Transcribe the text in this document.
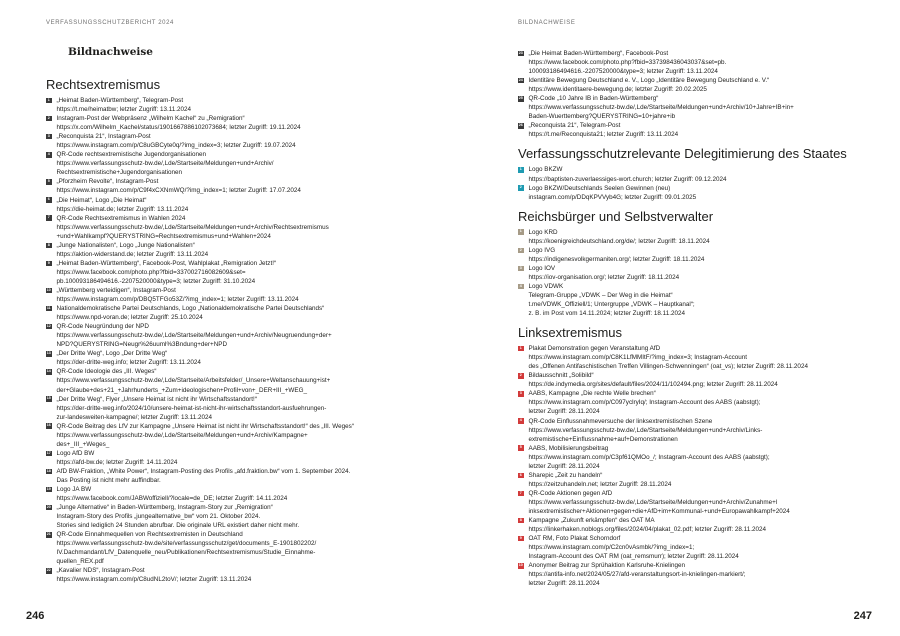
VERFASSUNGSSCHUTZBERICHT 2024
Bildnachweise
Rechtsextremismus
1 „Heimat Baden-Württemberg“, Telegram-Post
https://t.me/heimatbw; letzter Zugriff: 13.11.2024
2 Instagram-Post der Webpräsenz „Wilhelm Kachel“ zu „Remigration“
https://x.com/Wilhelm_Kachel/status/1901667886102073684; letzter Zugriff: 19.11.2024
3 „Reconquista 21“, Instagram-Post
https://www.instagram.com/p/C8uGBCyte0q/?img_index=3; letzter Zugriff: 19.07.2024
4 QR-Code rechtsextremistische Jugendorganisationen
https://www.verfassungsschutz-bw.de/,Lde/Startseite/Meldungen+und+Archiv/
Rechtsextremistische+Jugendorganisationen
5 „Pforzheim Revolte“, Instagram-Post
https://www.instagram.com/p/C9f4xCXNmWQ/?img_index=1; letzter Zugriff: 17.07.2024
6 „Die Heimat“, Logo „Die Heimat“
https://die-heimat.de; letzter Zugriff: 13.11.2024
7 QR-Code Rechtsextremismus in Wahlen 2024
https://www.verfassungsschutz-bw.de/,Lde/Startseite/Meldungen+und+Archiv/Rechtsextremismus
+und+Wahlkampf?QUERYSTRING=Rechtsextremismus+und+Wahlen+2024
8 „Junge Nationalisten“, Logo „Junge Nationalisten“
https://aktion-widerstand.de; letzter Zugriff: 13.11.2024
9 „Heimat Baden-Württemberg“, Facebook-Post, Wahlplakat „Remigration Jetzt!“
https://www.facebook.com/photo.php?fbid=337002716082609&set=
pb.100093186494616.-2207520000&type=3; letzter Zugriff: 31.10.2024
10 „Württemberg verteidigen“, Instagram-Post
https://www.instagram.com/p/DBQ5TFGo53Z/?img_index=1; letzter Zugriff: 13.11.2024
11 Nationaldemokratische Partei Deutschlands, Logo „Nationaldemokratische Partei Deutschlands“
https://www.npd-voran.de; letzter Zugriff: 25.10.2024
12 QR-Code Neugründung der NPD
https://www.verfassungsschutz-bw.de/,Lde/Startseite/Meldungen+und+Archiv/Neugruendung+der+
NPD?QUERYSTRING=Neugr%26uuml%3Bndung+der+NPD
13 „Der Dritte Weg“, Logo „Der Dritte Weg“
https://der-dritte-weg.info; letzter Zugriff: 13.11.2024
14 QR-Code Ideologie des „III. Weges“
https://www.verfassungsschutz-bw.de/,Lde/Startseite/Arbeitsfelder/_Unsere+Weltanschauung+ist+
der+Glaube+des+21_+Jahrhunderts_+Zum+ideologischen+Profil+von+_DER+III_+WEG_
15 „Der Dritte Weg“, Flyer „Unsere Heimat ist nicht ihr Wirtschaftsstandort!“
https://der-dritte-weg.info/2024/10/unsere-heimat-ist-nicht-ihr-wirtschaftsstandort-ausfuehrungen-
zur-landesweiten-kampagne/; letzter Zugriff: 13.11.2024
16 QR-Code Beitrag des LfV zur Kampagne „Unsere Heimat ist nicht ihr Wirtschaftsstandort!“ des „III. Weges“
https://www.verfassungsschutz-bw.de/,Lde/Startseite/Meldungen+und+Archiv/Kampagne+
des+_III_+Weges_
17 Logo AfD BW
https://afd-bw.de; letzter Zugriff: 14.11.2024
18 AfD BW-Fraktion, „White Power“, Instagram-Posting des Profils „afd.fraktion.bw“ vom 1. September 2024.
Das Posting ist nicht mehr auffindbar.
19 Logo JA BW
https://www.facebook.com/JABWoffiziell/?locale=de_DE; letzter Zugriff: 14.11.2024
20 „Junge Alternative“ in Baden-Württemberg, Instagram-Story zur „Remigration“
Instagram-Story des Profils „jungealternative_bw“ vom 21. Oktober 2024.
Stories sind lediglich 24 Stunden abrufbar. Die originale URL existiert daher nicht mehr.
21 QR-Code Einnahmequellen von Rechtsextremisten in Deutschland
https://www.verfassungsschutz-bw.de/site/verfassungsschutz/get/documents_E-1901802202/
IV.Dachmandant/LfV_Datenquelle_neu/Publikationen/Rechtsextremismus/Studie_Einnahme-
quellen_REX.pdf
22 „Kavalier NDS“, Instagram-Post
https://www.instagram.com/p/C8udNL2toV/; letzter Zugriff: 13.11.2024
246
BILDNACHWEISE
23 „Die Heimat Baden-Württemberg“, Facebook-Post
https://www.facebook.com/photo.php?fbid=337398436043037&set=pb.
100093186494616.-2207520000&type=3; letzter Zugriff: 13.11.2024
24 Identitäre Bewegung Deutschland e. V., Logo „Identitäre Bewegung Deutschland e. V.“
https://www.identitaere-bewegung.de; letzter Zugriff: 20.02.2025
25 QR-Code „10 Jahre IB in Baden-Württemberg“
https://www.verfassungsschutz-bw.de/,Lde/Startseite/Meldungen+und+Archiv/10+Jahre+IB+in+
Baden-Wuerttemberg?QUERYSTRING=10+jahre+ib
26 „Reconquista 21“, Telegram-Post
https://t.me/Reconquista21; letzter Zugriff: 13.11.2024
Verfassungsschutzrelevante Delegitimierung des Staates
1 Logo BKZW
https://baptisten-zuverlaessiges-wort.church; letzter Zugriff: 09.12.2024
2 Logo BKZW/Deutschlands Seelen Gewinnen (neu)
instagram.com/p/DDqKPVVyb4G; letzter Zugriff: 09.01.2025
Reichsbürger und Selbstverwalter
1 Logo KRD
https://koenigreichdeutschland.org/de/; letzter Zugriff: 18.11.2024
2 Logo IVG
https://indigenesvolkgermaniten.org/; letzter Zugriff: 18.11.2024
3 Logo IOV
https://iov-organisation.org/; letzter Zugriff: 18.11.2024
4 Logo VDWK
Telegram-Gruppe „VDWK – Der Weg in die Heimat“
t.me/VDWK_Offiziell/1; Untergruppe „VDWK – Hauptkanal“;
z. B. im Post vom 14.11.2024; letzter Zugriff: 18.11.2024
Linksextremismus
1 Plakat Demonstration gegen Veranstaltung AfD
https://www.instagram.com/p/C8K1LfMMItF/?img_index=3; Instagram-Account
des „Offenen Antifaschistischen Treffen Villingen-Schwenningen“ (oat_vs); letzter Zugriff: 28.11.2024
2 Bildausschnitt „Solibild“
https://de.indymedia.org/sites/default/files/2024/11/102494.png; letzter Zugriff: 28.11.2024
3 AABS, Kampagne „Die rechte Welle brechen“
https://www.instagram.com/p/C097yclryIq/; Instagram-Account des AABS (aabstgt);
letzter Zugriff: 28.11.2024
4 QR-Code Einflussnahmeversuche der linksextremistischen Szene
https://www.verfassungsschutz-bw.de/,Lde/Startseite/Meldungen+und+Archiv/Links-
extremistische+Einflussnahme+auf+Demonstrationen
5 AABS, Mobilisierungsbeitrag
https://www.instagram.com/p/C3pf61QMOo_/; Instagram-Account des AABS (aabstgt);
letzter Zugriff: 28.11.2024
6 Sharepic „Zeit zu handeln“
https://zeitzuhandeln.net; letzter Zugriff: 28.11.2024
7 QR-Code Aktionen gegen AfD
https://www.verfassungsschutz-bw.de/,Lde/Startseite/Meldungen+und+Archiv/Zunahme+l
inksextremistischer+Aktionen+gegen+die+AfD+im+Kommunal-+und+Europawahlkampf+2024
8 Kampagne „Zukunft erkämpfen“ des OAT MA
https://linkerhaken.noblogs.org/files/2024/04/plakat_02.pdf; letzter Zugriff: 28.11.2024
9 OAT RM, Foto Plakat Schorndorf
https://www.instagram.com/p/C2cn0vAsmbk/?img_index=1;
Instagram-Account des OAT RM (oat_remsmurr); letzter Zugriff: 28.11.2024
10 Anonymer Beitrag zur Sprühaktion Karlsruhe-Knielingen
https://antifa-info.net/2024/05/27/afd-veranstaltungsort-in-knielingen-markiert/;
letzter Zugriff: 28.11.2024
247
